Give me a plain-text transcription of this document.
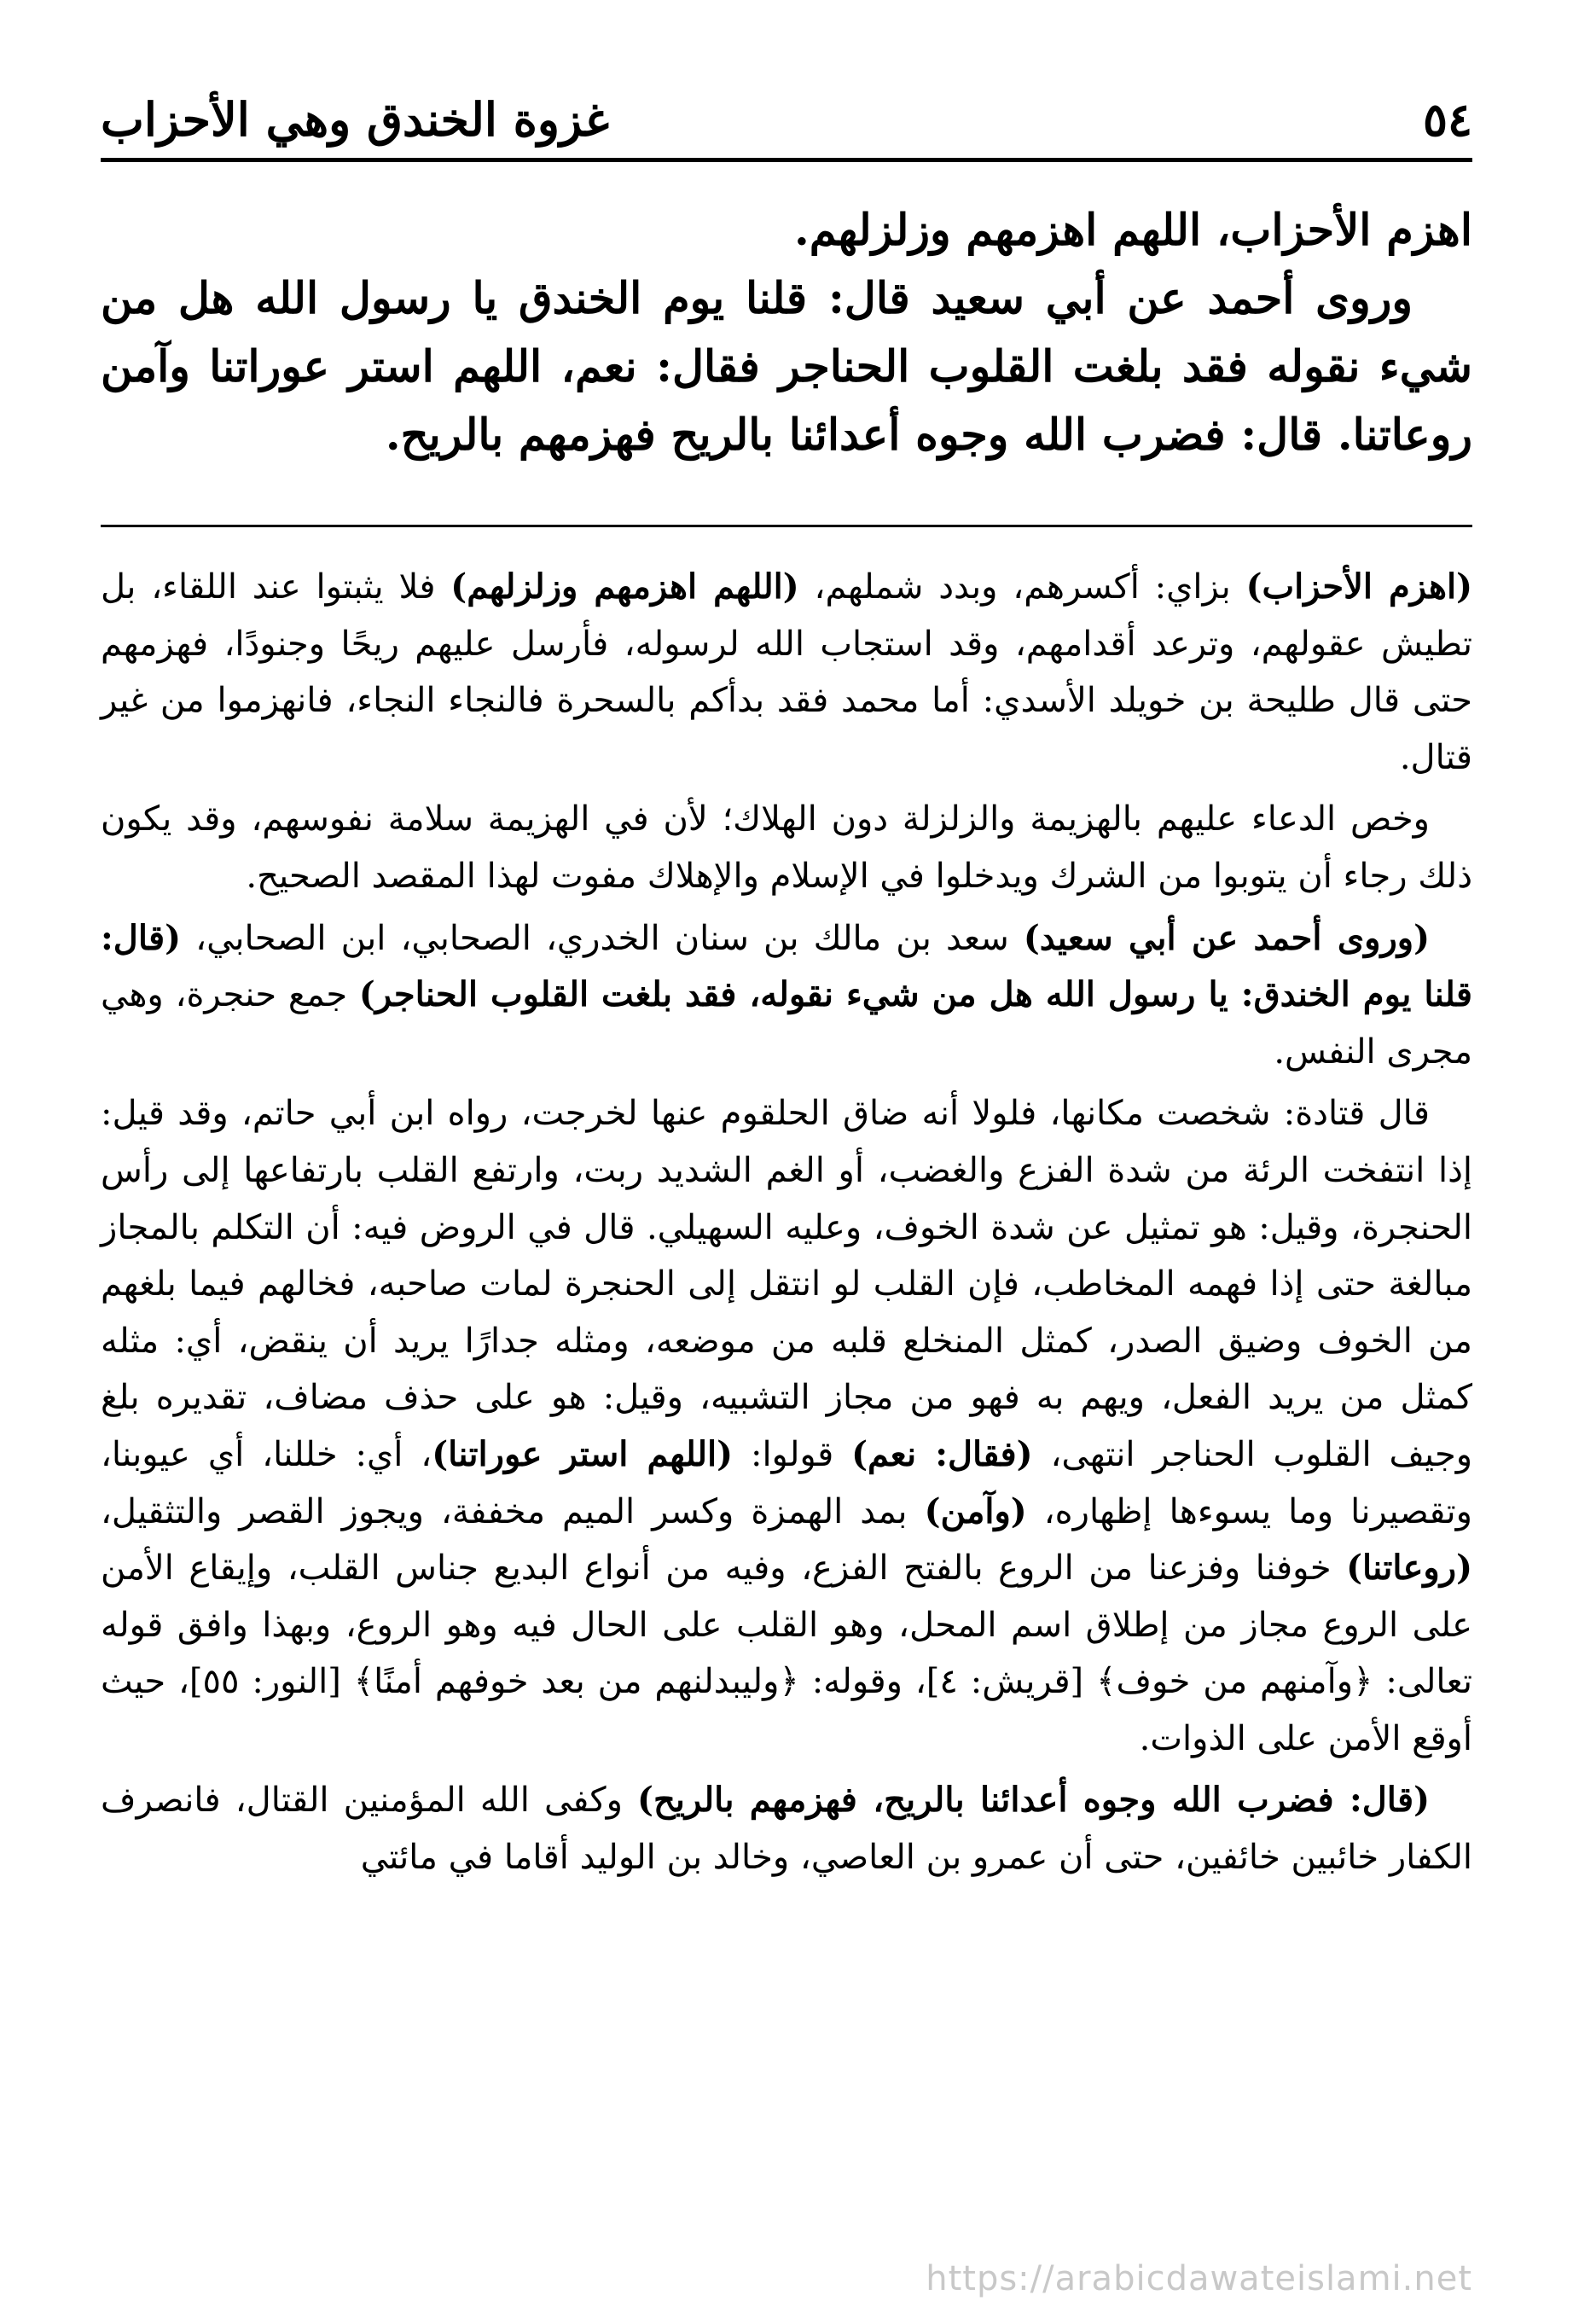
٥٤
غزوة الخندق وهي الأحزاب

اهزم الأحزاب، اللهم اهزمهم وزلزلهم.

وروى أحمد عن أبي سعيد قال: قلنا يوم الخندق يا رسول الله هل من شيء نقوله فقد بلغت القلوب الحناجر فقال: نعم، اللهم استر عوراتنا وآمن روعاتنا. قال: فضرب الله وجوه أعدائنا بالريح فهزمهم بالريح.

(اهزم الأحزاب) بزاي: أكسرهم، وبدد شملهم، (اللهم اهزمهم وزلزلهم) فلا يثبتوا عند اللقاء، بل تطيش عقولهم، وترعد أقدامهم، وقد استجاب الله لرسوله، فأرسل عليهم ريحًا وجنودًا، فهزمهم حتى قال طليحة بن خويلد الأسدي: أما محمد فقد بدأكم بالسحرة فالنجاء النجاء، فانهزموا من غير قتال.

وخص الدعاء عليهم بالهزيمة والزلزلة دون الهلاك؛ لأن في الهزيمة سلامة نفوسهم، وقد يكون ذلك رجاء أن يتوبوا من الشرك ويدخلوا في الإسلام والإهلاك مفوت لهذا المقصد الصحيح.

(وروى أحمد عن أبي سعيد) سعد بن مالك بن سنان الخدري، الصحابي، ابن الصحابي، (قال: قلنا يوم الخندق: يا رسول الله هل من شيء نقوله، فقد بلغت القلوب الحناجر) جمع حنجرة، وهي مجرى النفس.

قال قتادة: شخصت مكانها، فلولا أنه ضاق الحلقوم عنها لخرجت، رواه ابن أبي حاتم، وقد قيل: إذا انتفخت الرئة من شدة الفزع والغضب، أو الغم الشديد ربت، وارتفع القلب بارتفاعها إلى رأس الحنجرة، وقيل: هو تمثيل عن شدة الخوف، وعليه السهيلي. قال في الروض فيه: أن التكلم بالمجاز مبالغة حتى إذا فهمه المخاطب، فإن القلب لو انتقل إلى الحنجرة لمات صاحبه، فخالهم فيما بلغهم من الخوف وضيق الصدر، كمثل المنخلع قلبه من موضعه، ومثله جدارًا يريد أن ينقض، أي: مثله كمثل من يريد الفعل، ويهم به فهو من مجاز التشبيه، وقيل: هو على حذف مضاف، تقديره بلغ وجيف القلوب الحناجر انتهى، (فقال: نعم) قولوا: (اللهم استر عوراتنا)، أي: خللنا، أي عيوبنا، وتقصيرنا وما يسوءها إظهاره، (وآمن) بمد الهمزة وكسر الميم مخففة، ويجوز القصر والتثقيل، (روعاتنا) خوفنا وفزعنا من الروع بالفتح الفزع، وفيه من أنواع البديع جناس القلب، وإيقاع الأمن على الروع مجاز من إطلاق اسم المحل، وهو القلب على الحال فيه وهو الروع، وبهذا وافق قوله تعالى: ﴿وآمنهم من خوف﴾ [قريش: ٤]، وقوله: ﴿وليبدلنهم من بعد خوفهم أمنًا﴾ [النور: ٥٥]، حيث أوقع الأمن على الذوات.

(قال: فضرب الله وجوه أعدائنا بالريح، فهزمهم بالريح) وكفى الله المؤمنين القتال، فانصرف الكفار خائبين خائفين، حتى أن عمرو بن العاصي، وخالد بن الوليد أقاما في مائتي

https://arabicdawateislami.net
